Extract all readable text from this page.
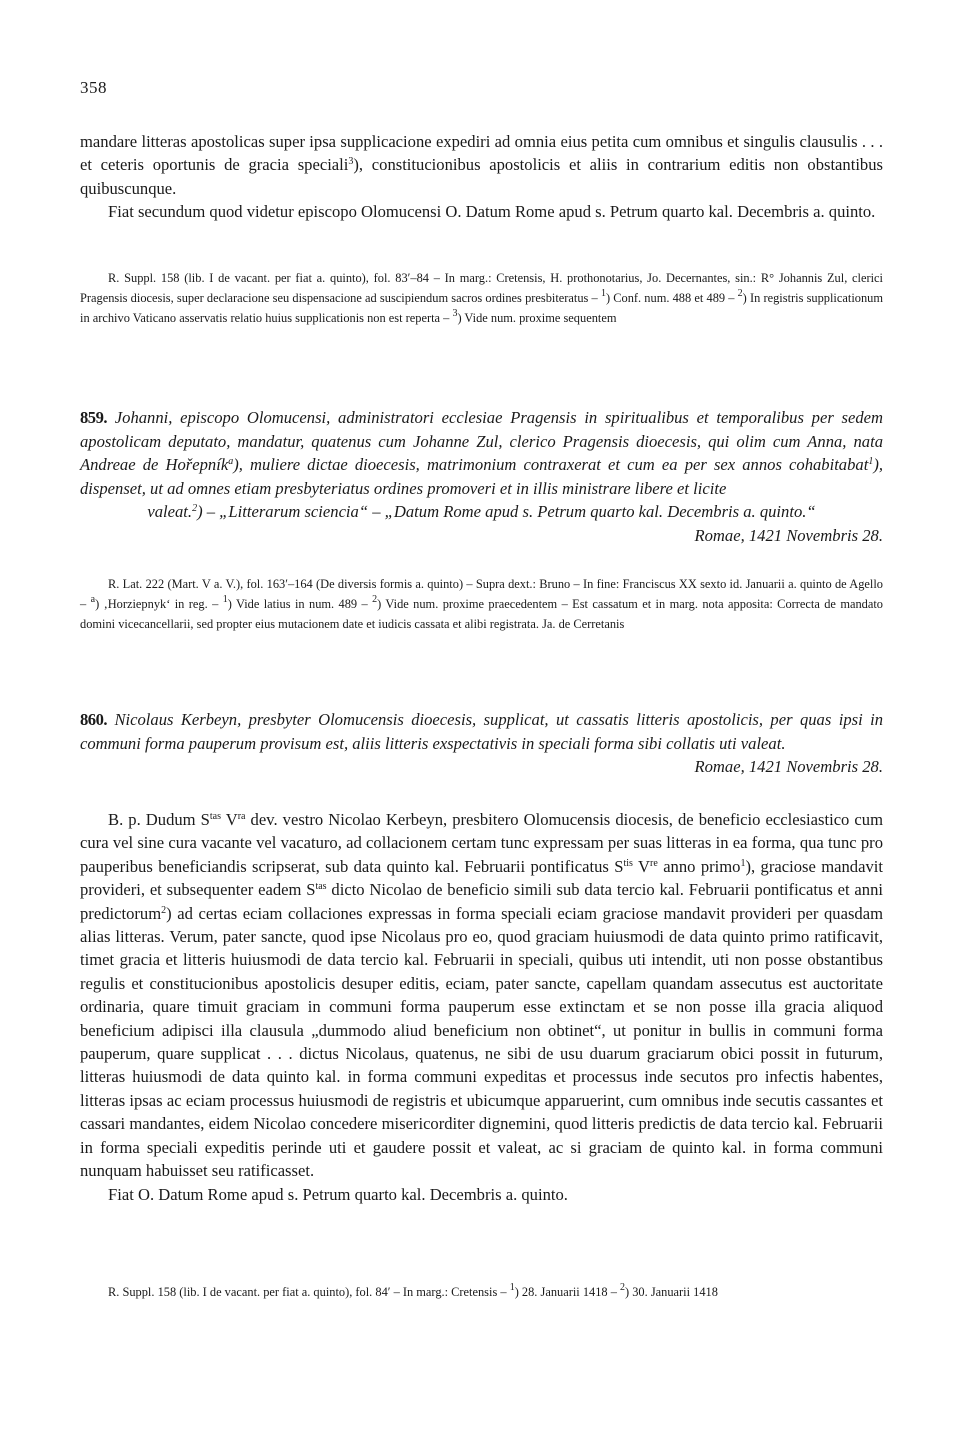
358

mandare litteras apostolicas super ipsa supplicacione expediri ad omnia eius petita cum omnibus et singulis clausulis . . . et ceteris oportunis de gracia speciali$^3$), constitucionibus apostolicis et aliis in contrarium editis non obstantibus quibuscunque.

Fiat secundum quod videtur episcopo Olomucensi O. Datum Rome apud s. Petrum quarto kal. Decembris a. quinto.

R. Suppl. 158 (lib. I de vacant. per fiat a. quinto), fol. 83′–84 – In marg.: Cretensis, H. prothonotarius, Jo. Decernantes, sin.: R° Johannis Zul, clerici Pragensis diocesis, super declaracione seu dispensacione ad suscipiendum sacros ordines presbiteratus – $^1$) Conf. num. 488 et 489 – $^2$) In registris supplicationum in archivo Vaticano asservatis relatio huius supplicationis non est reperta – $^3$) Vide num. proxime sequentem

859. Johanni, episcopo Olomucensi, administratori ecclesiae Pragensis in spiritualibus et temporalibus per sedem apostolicam deputato, mandatur, quatenus cum Johanne Zul, clerico Pragensis dioecesis, qui olim cum Anna, nata Andreae de Hořepník$^a$), muliere dictae dioecesis, matrimonium contraxerat et cum ea per sex annos cohabitabat$^1$), dispenset, ut ad omnes etiam presbyteriatus ordines promoveri et in illis ministrare libere et licite
valeat.$^2$) – „Litterarum sciencia“ – „Datum Rome apud s. Petrum quarto kal. Decembris a. quinto.“

Romae, 1421 Novembris 28.

R. Lat. 222 (Mart. V a. V.), fol. 163′–164 (De diversis formis a. quinto) – Supra dext.: Bruno – In fine: Franciscus XX sexto id. Januarii a. quinto de Agello – $^a$) ‚Horziepnyk‘ in reg. – $^1$) Vide latius in num. 489 – $^2$) Vide num. proxime praecedentem – Est cassatum et in marg. nota apposita: Correcta de mandato domini vicecancellarii, sed propter eius mutacionem date et iudicis cassata et alibi registrata. Ja. de Cerretanis

860. Nicolaus Kerbeyn, presbyter Olomucensis dioecesis, supplicat, ut cassatis litteris apostolicis, per quas ipsi in communi forma pauperum provisum est, aliis litteris exspectativis in speciali forma sibi collatis uti valeat.

Romae, 1421 Novembris 28.

B. p. Dudum $S^{tas}$ $V^{ra}$ dev. vestro Nicolao Kerbeyn, presbitero Olomucensis diocesis, de beneficio ecclesiastico cum cura vel sine cura vacante vel vacaturo, ad collacionem certam tunc expressam per suas litteras in ea forma, qua tunc pro pauperibus beneficiandis scripserat, sub data quinto kal. Februarii pontificatus $S^{tis}$ Vre anno primo$^1$), graciose mandavit provideri, et subsequenter eadem $S^{tas}$ dicto Nicolao de beneficio simili sub data tercio kal. Februarii pontificatus et anni predictorum$^2$) ad certas eciam collaciones expressas in forma speciali eciam graciose mandavit provideri per quasdam alias litteras. Verum, pater sancte, quod ipse Nicolaus pro eo, quod graciam huiusmodi de data quinto primo ratificavit, timet gracia et litteris huiusmodi de data tercio kal. Februarii in speciali, quibus uti intendit, uti non posse obstantibus regulis et constitucionibus apostolicis desuper editis, eciam, pater sancte, capellam quandam assecutus est auctoritate ordinaria, quare timuit graciam in communi forma pauperum esse extinctam et se non posse illa gracia aliquod beneficium adipisci illa clausula „dummodo aliud beneficium non obtinet“, ut ponitur in bullis in communi forma pauperum, quare supplicat . . . dictus Nicolaus, quatenus, ne sibi de usu duarum graciarum obici possit in futurum, litteras huiusmodi de data quinto kal. in forma communi expeditas et processus inde secutos pro infectis habentes, litteras ipsas ac eciam processus huiusmodi de registris et ubicumque apparuerint, cum omnibus inde secutis cassantes et cassari mandantes, eidem Nicolao concedere misericorditer dignemini, quod litteris predictis de data tercio kal. Februarii in forma speciali expeditis perinde uti et gaudere possit et valeat, ac si graciam de quinto kal. in forma communi nunquam habuisset seu ratificasset.

Fiat O. Datum Rome apud s. Petrum quarto kal. Decembris a. quinto.

R. Suppl. 158 (lib. I de vacant. per fiat a. quinto), fol. 84′ – In marg.: Cretensis – $^1$) 28. Januarii 1418 – $^2$) 30. Januarii 1418
